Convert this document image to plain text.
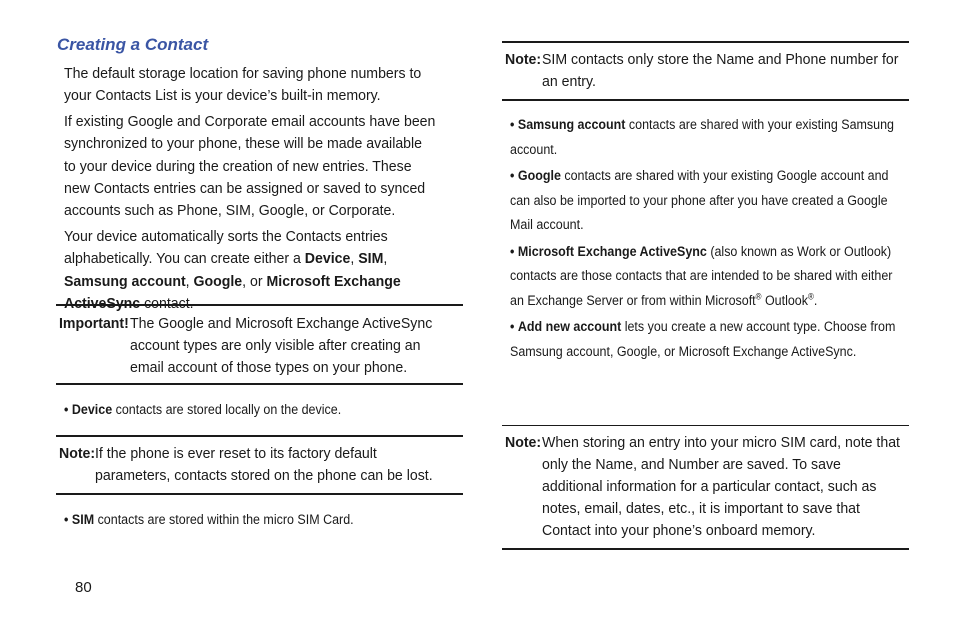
Creating a Contact

The default storage location for saving phone numbers to your Contacts List is your device’s built-in memory.

If existing Google and Corporate email accounts have been synchronized to your phone, these will be made available to your device during the creation of new entries. These new Contacts entries can be assigned or saved to synced accounts such as Phone, SIM, Google, or Corporate.

Your device automatically sorts the Contacts entries alphabetically. You can create either a Device, SIM, Samsung account, Google, or Microsoft Exchange ActiveSync contact.

Important! The Google and Microsoft Exchange ActiveSync account types are only visible after creating an email account of those types on your phone.

• Device contacts are stored locally on the device.

Note: If the phone is ever reset to its factory default parameters, contacts stored on the phone can be lost.

• SIM contacts are stored within the micro SIM Card.

80

Note: SIM contacts only store the Name and Phone number for an entry.

• Samsung account contacts are shared with your existing Samsung account.

• Google contacts are shared with your existing Google account and can also be imported to your phone after you have created a Google Mail account.

• Microsoft Exchange ActiveSync (also known as Work or Outlook) contacts are those contacts that are intended to be shared with either an Exchange Server or from within Microsoft® Outlook®.

• Add new account lets you create a new account type. Choose from Samsung account, Google, or Microsoft Exchange ActiveSync.

Note: When storing an entry into your micro SIM card, note that only the Name, and Number are saved. To save additional information for a particular contact, such as notes, email, dates, etc., it is important to save that Contact into your phone’s onboard memory.
